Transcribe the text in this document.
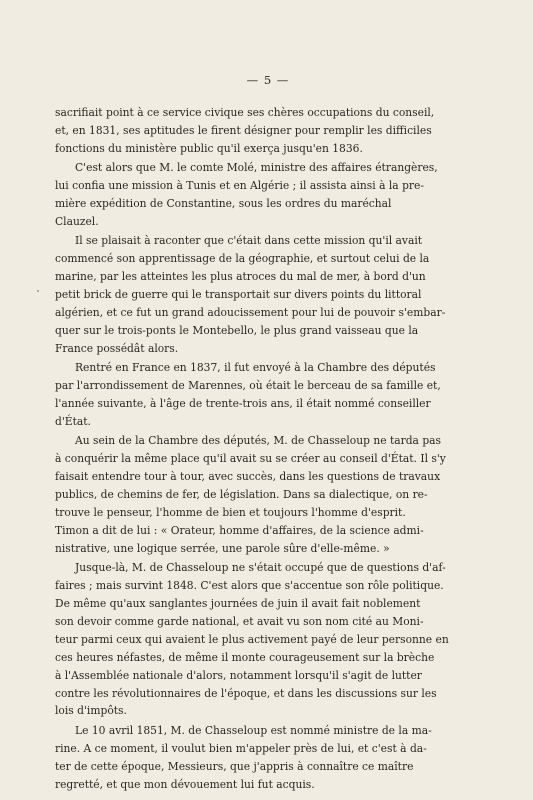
— 5 —

sacrifiait point à ce service civique ses chères occupations du conseil,
et, en 1831, ses aptitudes le firent désigner pour remplir les difficiles
fonctions du ministère public qu'il exerça jusqu'en 1836.

C'est alors que M. le comte Molé, ministre des affaires étrangères,
lui confia une mission à Tunis et en Algérie ; il assista ainsi à la pre-
mière expédition de Constantine, sous les ordres du maréchal
Clauzel.

Il se plaisait à raconter que c'était dans cette mission qu'il avait
commencé son apprentissage de la géographie, et surtout celui de la
marine, par les atteintes les plus atroces du mal de mer, à bord d'un
petit brick de guerre qui le transportait sur divers points du littoral
algérien, et ce fut un grand adoucissement pour lui de pouvoir s'embar-
quer sur le trois-ponts le Montebello, le plus grand vaisseau que la
France possédât alors.

Rentré en France en 1837, il fut envoyé à la Chambre des députés
par l'arrondissement de Marennes, où était le berceau de sa famille et,
l'année suivante, à l'âge de trente-trois ans, il était nommé conseiller
d'État.

Au sein de la Chambre des députés, M. de Chasseloup ne tarda pas
à conquérir la même place qu'il avait su se créer au conseil d'État. Il s'y
faisait entendre tour à tour, avec succès, dans les questions de travaux
publics, de chemins de fer, de législation. Dans sa dialectique, on re-
trouve le penseur, l'homme de bien et toujours l'homme d'esprit.
Timon a dit de lui : « Orateur, homme d'affaires, de la science admi-
nistrative, une logique serrée, une parole sûre d'elle-même. »

Jusque-là, M. de Chasseloup ne s'était occupé que de questions d'af-
faires ; mais survint 1848. C'est alors que s'accentue son rôle politique.
De même qu'aux sanglantes journées de juin il avait fait noblement
son devoir comme garde national, et avait vu son nom cité au Moni-
teur parmi ceux qui avaient le plus activement payé de leur personne en
ces heures néfastes, de même il monte courageusement sur la brèche
à l'Assemblée nationale d'alors, notamment lorsqu'il s'agit de lutter
contre les révolutionnaires de l'époque, et dans les discussions sur les
lois d'impôts.

Le 10 avril 1851, M. de Chasseloup est nommé ministre de la ma-
rine. A ce moment, il voulut bien m'appeler près de lui, et c'est à da-
ter de cette époque, Messieurs, que j'appris à connaître ce maître
regretté, et que mon dévouement lui fut acquis.
